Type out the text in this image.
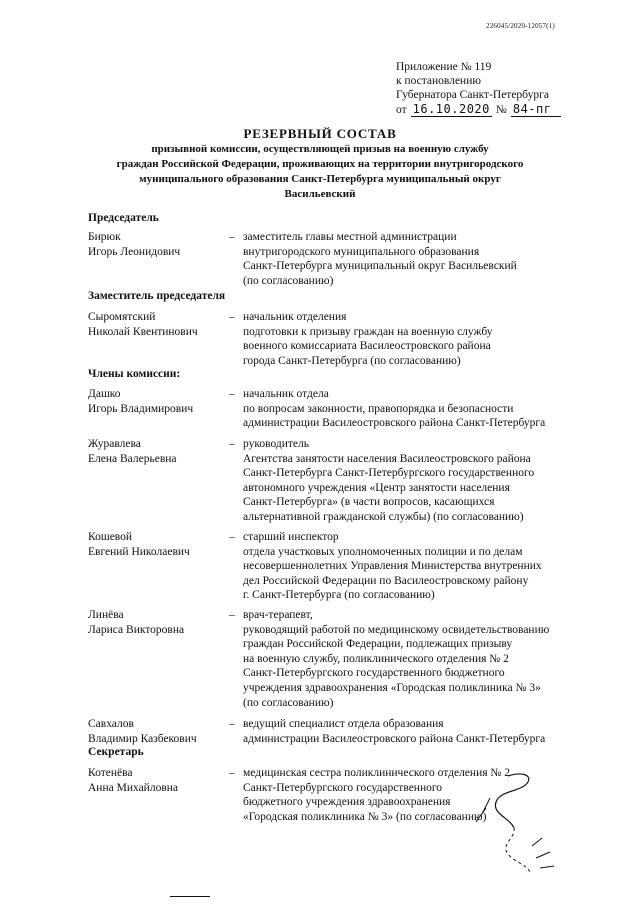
226045/2020-12057(1)
Приложение № 119
к постановлению
Губернатора Санкт-Петербурга
от 16.10.2020 № 84-пг
РЕЗЕРВНЫЙ СОСТАВ
призывной комиссии, осуществляющей призыв на военную службу
граждан Российской Федерации, проживающих на территории внутригородского
муниципального образования Санкт-Петербурга муниципальный округ
Васильевский
Председатель
Бирюк
Игорь Леонидович
– заместитель главы местной администрации
внутригородского муниципального образования
Санкт-Петербурга муниципальный округ Васильевский
(по согласованию)
Заместитель председателя
Сыромятский
Николай Квентинович
– начальник отделения
подготовки к призыву граждан на военную службу
военного комиссариата Василеостровского района
города Санкт-Петербурга (по согласованию)
Члены комиссии:
Дашко
Игорь Владимирович
– начальник отдела
по вопросам законности, правопорядка и безопасности
администрации Василеостровского района Санкт-Петербурга
Журавлева
Елена Валерьевна
– руководитель
Агентства занятости населения Василеостровского района
Санкт-Петербурга Санкт-Петербургского государственного
автономного учреждения «Центр занятости населения
Санкт-Петербурга» (в части вопросов, касающихся
альтернативной гражданской службы) (по согласованию)
Кошевой
Евгений Николаевич
– старший инспектор
отдела участковых уполномоченных полиции и по делам
несовершеннолетних Управления Министерства внутренних
дел Российской Федерации по Василеостровскому району
г. Санкт-Петербурга (по согласованию)
Линёва
Лариса Викторовна
– врач-терапевт,
руководящий работой по медицинскому освидетельствованию
граждан Российской Федерации, подлежащих призыву
на военную службу, поликлинического отделения № 2
Санкт-Петербургского государственного бюджетного
учреждения здравоохранения «Городская поликлиника № 3»
(по согласованию)
Савхалов
Владимир Казбекович
– ведущий специалист отдела образования
администрации Василеостровского района Санкт-Петербурга
Секретарь
Котенёва
Анна Михайловна
– медицинская сестра поликлинического отделения № 2
Санкт-Петербургского государственного
бюджетного учреждения здравоохранения
«Городская поликлиника № 3» (по согласованию)
